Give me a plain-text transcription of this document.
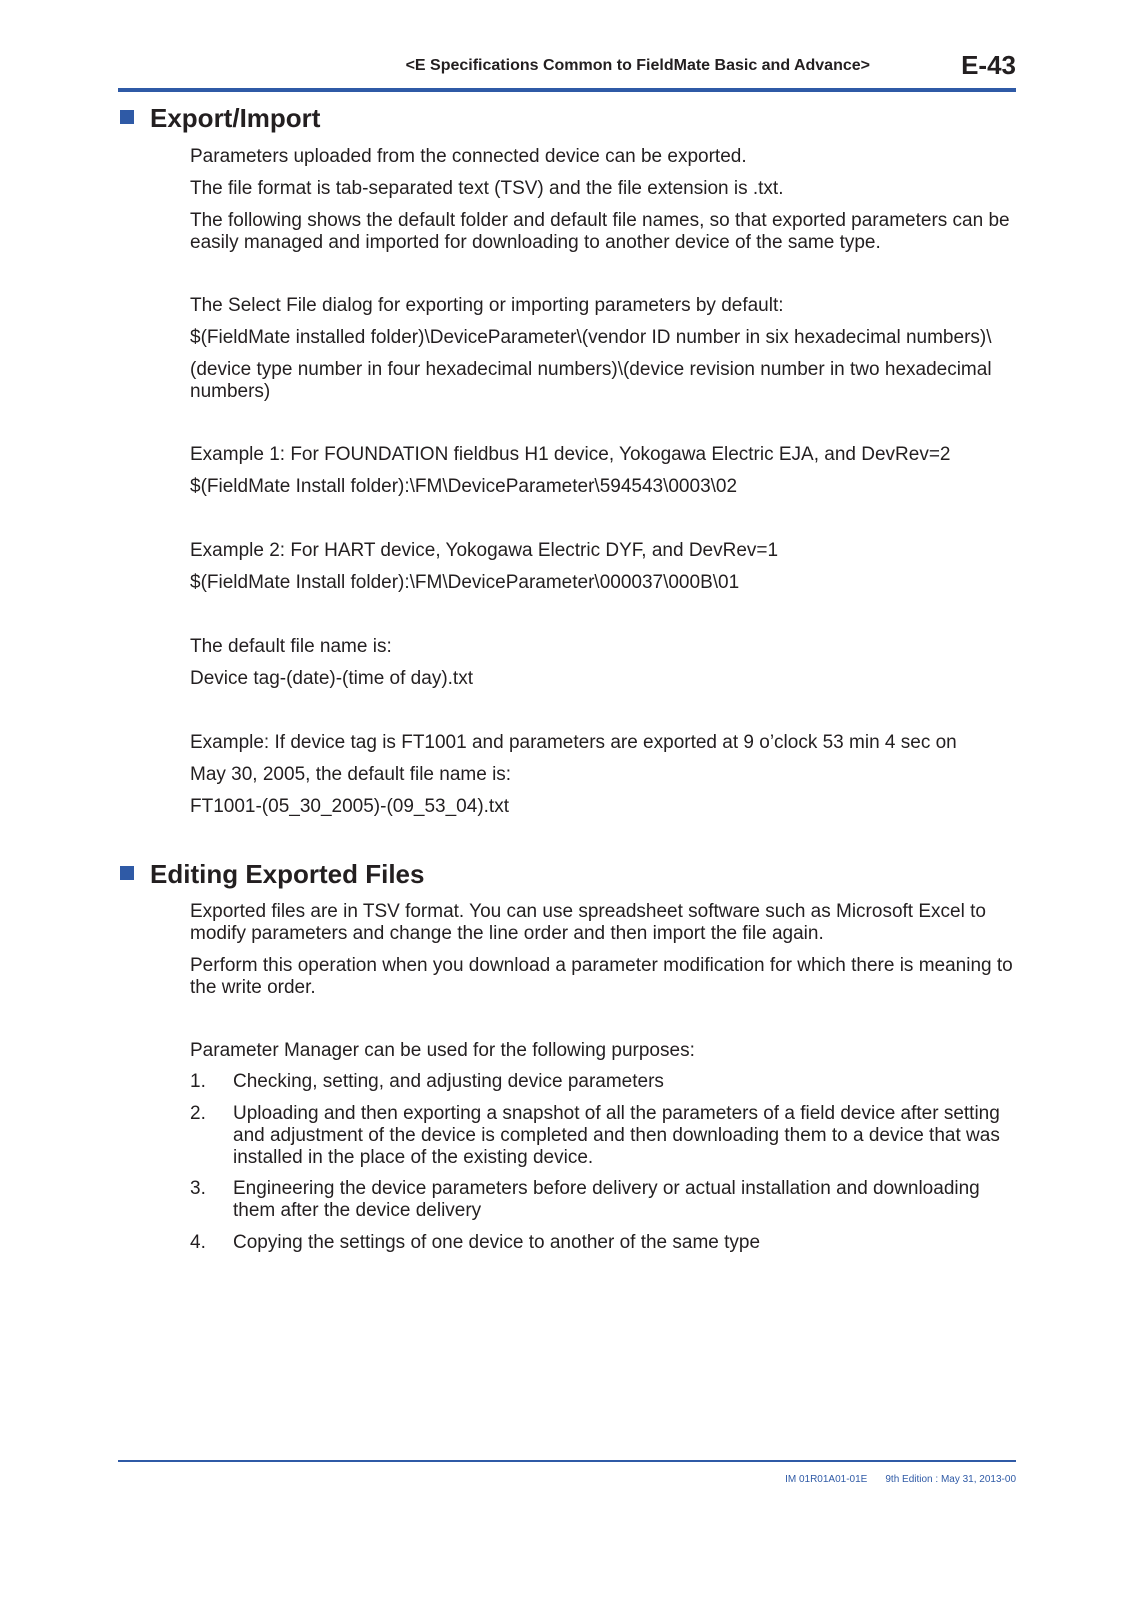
<E Specifications Common to FieldMate Basic and Advance>	E-43
Export/Import

Parameters uploaded from the connected device can be exported.

The file format is tab-separated text (TSV) and the file extension is .txt.

The following shows the default folder and default file names, so that exported parameters can be easily managed and imported for downloading to another device of the same type.

The Select File dialog for exporting or importing parameters by default:

$(FieldMate installed folder)\DeviceParameter\(vendor ID number in six hexadecimal numbers)\

(device type number in four hexadecimal numbers)\(device revision number in two hexadecimal numbers)

Example 1: For FOUNDATION fieldbus H1 device, Yokogawa Electric EJA, and DevRev=2

$(FieldMate Install folder):\FM\DeviceParameter\594543\0003\02

Example 2: For HART device, Yokogawa Electric DYF, and DevRev=1

$(FieldMate Install folder):\FM\DeviceParameter\000037\000B\01

The default file name is:

Device tag-(date)-(time of day).txt

Example: If device tag is FT1001 and parameters are exported at 9 o’clock 53 min 4 sec on

May 30, 2005, the default file name is:

FT1001-(05_30_2005)-(09_53_04).txt

Editing Exported Files

Exported files are in TSV format. You can use spreadsheet software such as Microsoft Excel to modify parameters and change the line order and then import the file again.

Perform this operation when you download a parameter modification for which there is meaning to the write order.

Parameter Manager can be used for the following purposes:

1.	Checking, setting, and adjusting device parameters
2.	Uploading and then exporting a snapshot of all the parameters of a field device after setting and adjustment of the device is completed and then downloading them to a device that was installed in the place of the existing device.
3.	Engineering the device parameters before delivery or actual installation and downloading them after the device delivery
4.	Copying the settings of one device to another of the same type
IM 01R01A01-01E 9th Edition : May 31, 2013-00
